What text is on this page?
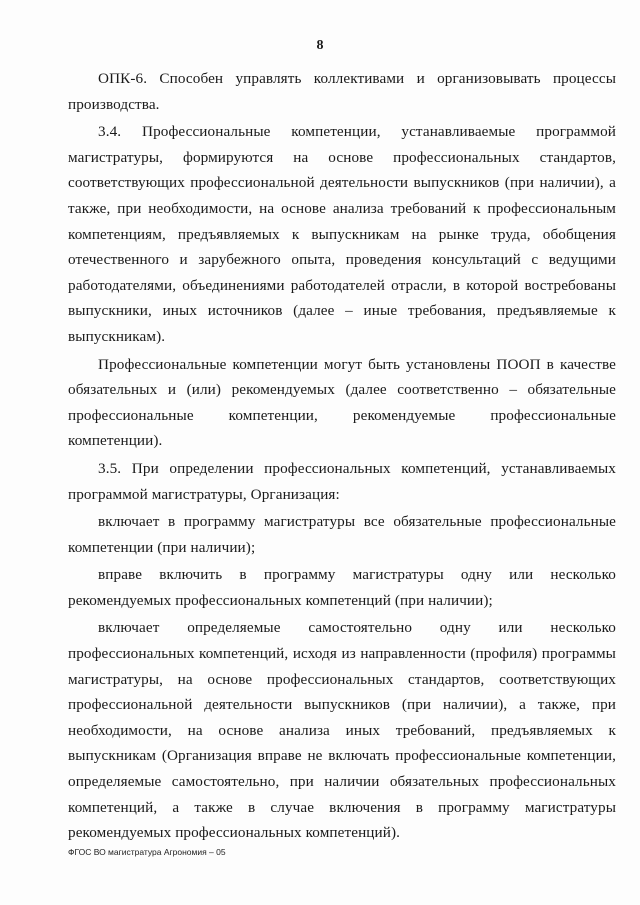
8

ОПК-6. Способен управлять коллективами и организовывать процессы производства.

3.4. Профессиональные компетенции, устанавливаемые программой магистратуры, формируются на основе профессиональных стандартов, соответствующих профессиональной деятельности выпускников (при наличии), а также, при необходимости, на основе анализа требований к профессиональным компетенциям, предъявляемых к выпускникам на рынке труда, обобщения отечественного и зарубежного опыта, проведения консультаций с ведущими работодателями, объединениями работодателей отрасли, в которой востребованы выпускники, иных источников (далее – иные требования, предъявляемые к выпускникам).

Профессиональные компетенции могут быть установлены ПООП в качестве обязательных и (или) рекомендуемых (далее соответственно – обязательные профессиональные компетенции, рекомендуемые профессиональные компетенции).

3.5. При определении профессиональных компетенций, устанавливаемых программой магистратуры, Организация:

включает в программу магистратуры все обязательные профессиональные компетенции (при наличии);

вправе включить в программу магистратуры одну или несколько рекомендуемых профессиональных компетенций (при наличии);

включает определяемые самостоятельно одну или несколько профессиональных компетенций, исходя из направленности (профиля) программы магистратуры, на основе профессиональных стандартов, соответствующих профессиональной деятельности выпускников (при наличии), а также, при необходимости, на основе анализа иных требований, предъявляемых к выпускникам (Организация вправе не включать профессиональные компетенции, определяемые самостоятельно, при наличии обязательных профессиональных компетенций, а также в случае включения в программу магистратуры рекомендуемых профессиональных компетенций).

ФГОС ВО магистратура Агрономия – 05
